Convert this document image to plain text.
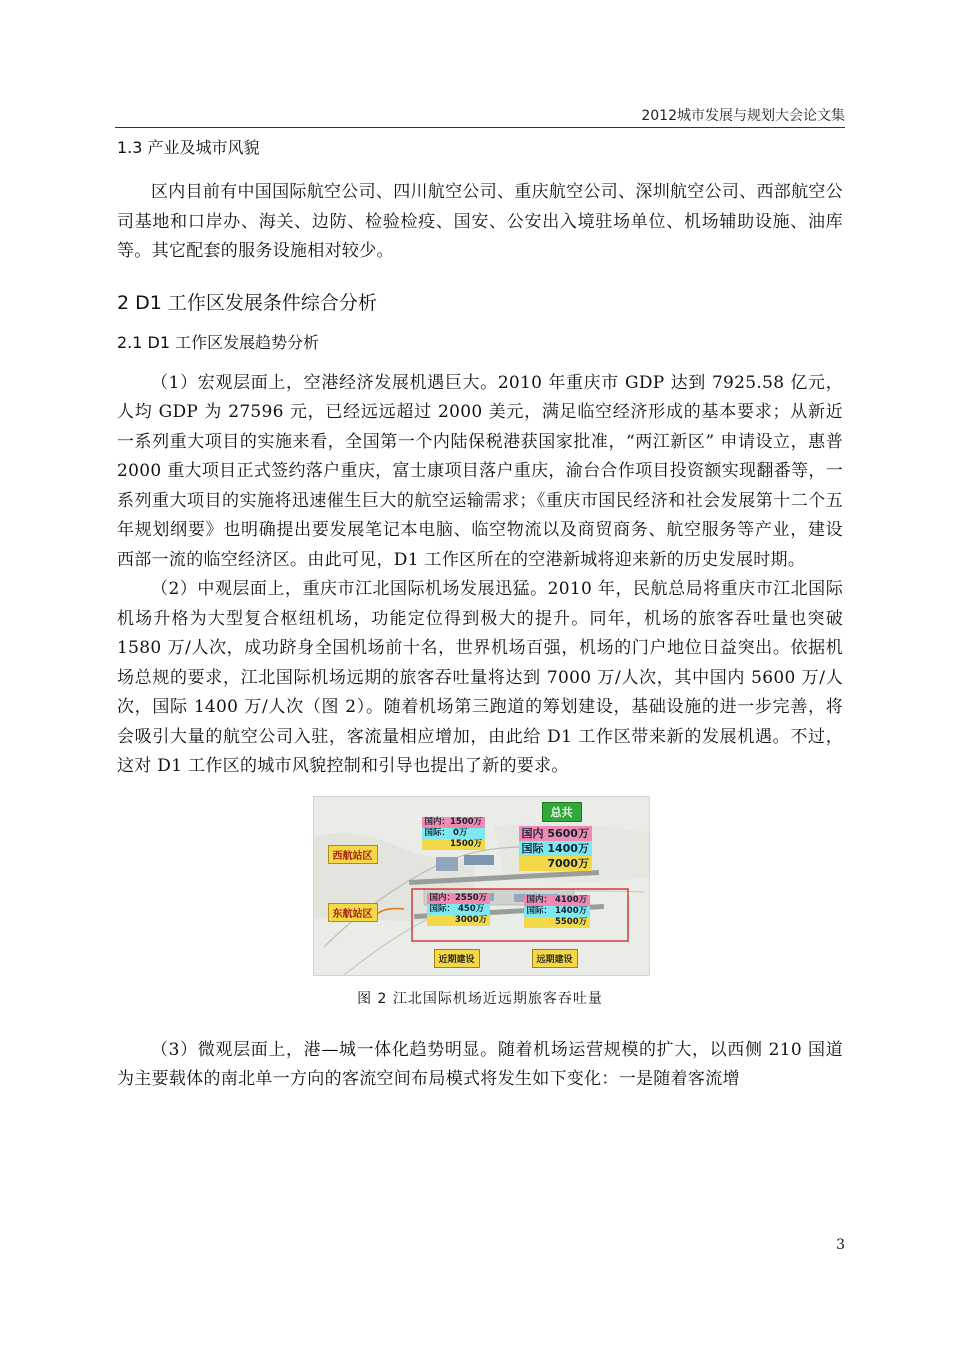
2012城市发展与规划大会论文集
1.3 产业及城市风貌

区内目前有中国国际航空公司、四川航空公司、重庆航空公司、深圳航空公司、西部航空公司基地和口岸办、海关、边防、检验检疫、国安、公安出入境驻场单位、机场辅助设施、油库等。其它配套的服务设施相对较少。

2 D1 工作区发展条件综合分析
2.1 D1 工作区发展趋势分析

（1）宏观层面上，空港经济发展机遇巨大。2010 年重庆市 GDP 达到 7925.58 亿元，人均 GDP 为 27596 元，已经远远超过 2000 美元，满足临空经济形成的基本要求；从新近一系列重大项目的实施来看，全国第一个内陆保税港获国家批准，“两江新区” 申请设立，惠普 2000 重大项目正式签约落户重庆，富士康项目落户重庆，渝台合作项目投资额实现翻番等，一系列重大项目的实施将迅速催生巨大的航空运输需求；《重庆市国民经济和社会发展第十二个五年规划纲要》也明确提出要发展笔记本电脑、临空物流以及商贸商务、航空服务等产业，建设西部一流的临空经济区。由此可见，D1 工作区所在的空港新城将迎来新的历史发展时期。

（2）中观层面上，重庆市江北国际机场发展迅猛。2010 年，民航总局将重庆市江北国际机场升格为大型复合枢纽机场，功能定位得到极大的提升。同年，机场的旅客吞吐量也突破 1580 万/人次，成功跻身全国机场前十名，世界机场百强，机场的门户地位日益突出。依据机场总规的要求，江北国际机场远期的旅客吞吐量将达到 7000 万/人次，其中国内 5600 万/人次，国际 1400 万/人次（图 2）。随着机场第三跑道的筹划建设，基础设施的进一步完善，将会吸引大量的航空公司入驻，客流量相应增加，由此给 D1 工作区带来新的发展机遇。不过，这对 D1 工作区的城市风貌控制和引导也提出了新的要求。

西航站区
东航站区
国内：1500万
国际： 0万
1500万
总共
国内 5600万
国际 1400万
7000万
国内：2550万
国际： 450万
3000万
国内： 4100万
国际： 1400万
5500万
近期建设	远期建设
图 2 江北国际机场近远期旅客吞吐量

（3）微观层面上，港—城一体化趋势明显。随着机场运营规模的扩大，以西侧 210 国道为主要载体的南北单一方向的客流空间布局模式将发生如下变化：一是随着客流增

3
